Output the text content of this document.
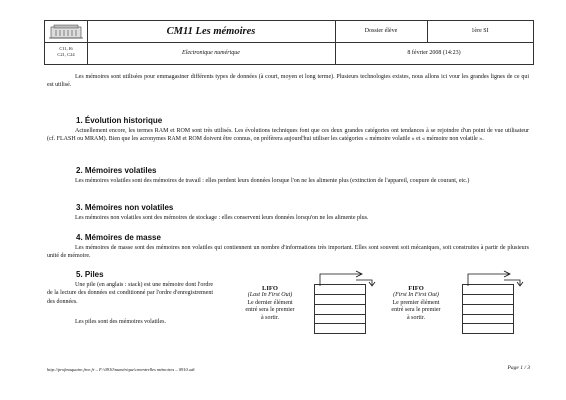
C11, I6
C21, C24
CM11 Les mémoires
Electronique numérique
Dossier élève	1ère SI
8 février 2008 (14:23)

Les mémoires sont utilisées pour emmagasiner différents types de données (à court, moyen et long terme). Plusieurs technologies existes, nous allons ici vour les grandes lignes de ce qui est utilisé.

1. Évolution historique

Actuellement encore, les termes RAM et ROM sont très utilisés. Les évolutions techniques font que ces deux grandes catégories ont tendances à se rejoindre d'un point de vue utilisateur (cf. FLASH ou MRAM). Bien que les acronymes RAM et ROM doivent être connus, on préfèrera aujourd'hui utiliser les catégories « mémoire volatile » et « mémoire non volatile ».

2. Mémoires volatiles

Les mémoires volatiles sont des mémoires de travail : elles perdent leurs données lorsque l'on ne les alimente plus (extinction de l'appareil, coupure de courant, etc.)

3. Mémoires non volatiles

Les mémoires non volatiles sont des mémoires de stockage : elles conservent leurs données lorsqu'on ne les alimente plus.

4. Mémoires de masse

Les mémoires de masse sont des mémoires non volatiles qui contiennent un nombre d'informations très important. Elles sont souvent soit mécaniques, soit construites à partir de plusieurs unité de mémoire.

5. Piles

Une pile (en anglais : stack) est une mémoire dont l'ordre de la lecture des données est conditionné par l'ordre d'enregistrement des données.

Les piles sont des mémoires volatiles.

LIFO
(Last In First Out)
Le dernier élément
entré sera le premier
à sortir.
FIFO
(First In First Out)
Le premier élément
entré sera le premier
à sortir.
http://profmaquaire.free.fr – F:\0910\numérique\cmentrelles mémoires – 0910.odt	Page 1 / 3
